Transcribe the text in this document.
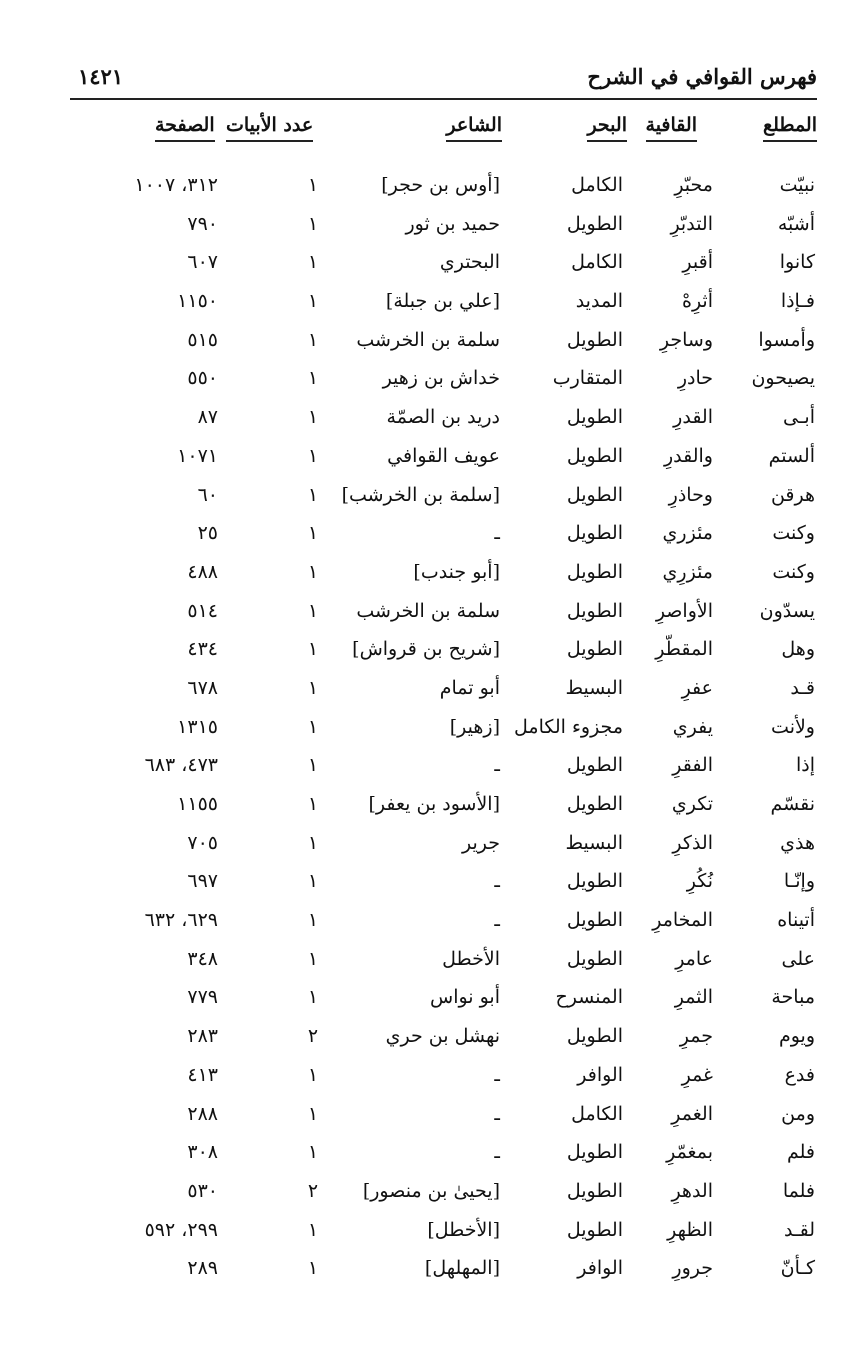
فهرس القوافي في الشرح
١٤٢١
المطلع
القافية
البحر
الشاعر
عدد الأبيات
الصفحة
نبيّت
محبّرِ
الكامل
[أوس بن حجر]
١
٣١٢، ١٠٠٧
أشبّه
التدبّرِ
الطويل
حميد بن ثور
١
٧٩٠
كانوا
أقبرِ
الكامل
البحتري
١
٦٠٧
فـإذا
أثرِهْ
المديد
[علي بن جبلة]
١
١١٥٠
وأمسوا
وساجرِ
الطويل
سلمة بن الخرشب
١
٥١٥
يصيحون
حادرِ
المتقارب
خداش بن زهير
١
٥٥٠
أبـى
القدرِ
الطويل
دريد بن الصمّة
١
٨٧
ألستم
والقدرِ
الطويل
عويف القوافي
١
١٠٧١
هرقن
وحاذرِ
الطويل
[سلمة بن الخرشب]
١
٦٠
وكنت
مئزري
الطويل
ـ
١
٢٥
وكنت
مئزرِي
الطويل
[أبو جندب]
١
٤٨٨
يسدّون
الأواصرِ
الطويل
سلمة بن الخرشب
١
٥١٤
وهل
المقطّرِ
الطويل
[شريح بن قرواش]
١
٤٣٤
قـد
عفرِ
البسيط
أبو تمام
١
٦٧٨
ولأنت
يفري
مجزوء الكامل
[زهير]
١
١٣١٥
إذا
الفقرِ
الطويل
ـ
١
٤٧٣، ٦٨٣
نقسّم
تكري
الطويل
[الأسود بن يعفر]
١
١١٥٥
هذي
الذكرِ
البسيط
جرير
١
٧٠٥
وإنّـا
نُكُرِ
الطويل
ـ
١
٦٩٧
أتيناه
المخامرِ
الطويل
ـ
١
٦٢٩، ٦٣٢
على
عامرِ
الطويل
الأخطل
١
٣٤٨
مباحة
الثمرِ
المنسرح
أبو نواس
١
٧٧٩
ويوم
جمرِ
الطويل
نهشل بن حري
٢
٢٨٣
فدع
غمرِ
الوافر
ـ
١
٤١٣
ومن
الغمرِ
الكامل
ـ
١
٢٨٨
فلم
بمغمّرِ
الطويل
ـ
١
٣٠٨
فلما
الدهرِ
الطويل
[يحيىٰ بن منصور]
٢
٥٣٠
لقـد
الظهرِ
الطويل
[الأخطل]
١
٢٩٩، ٥٩٢
كـأنّ
جرورِ
الوافر
[المهلهل]
١
٢٨٩
